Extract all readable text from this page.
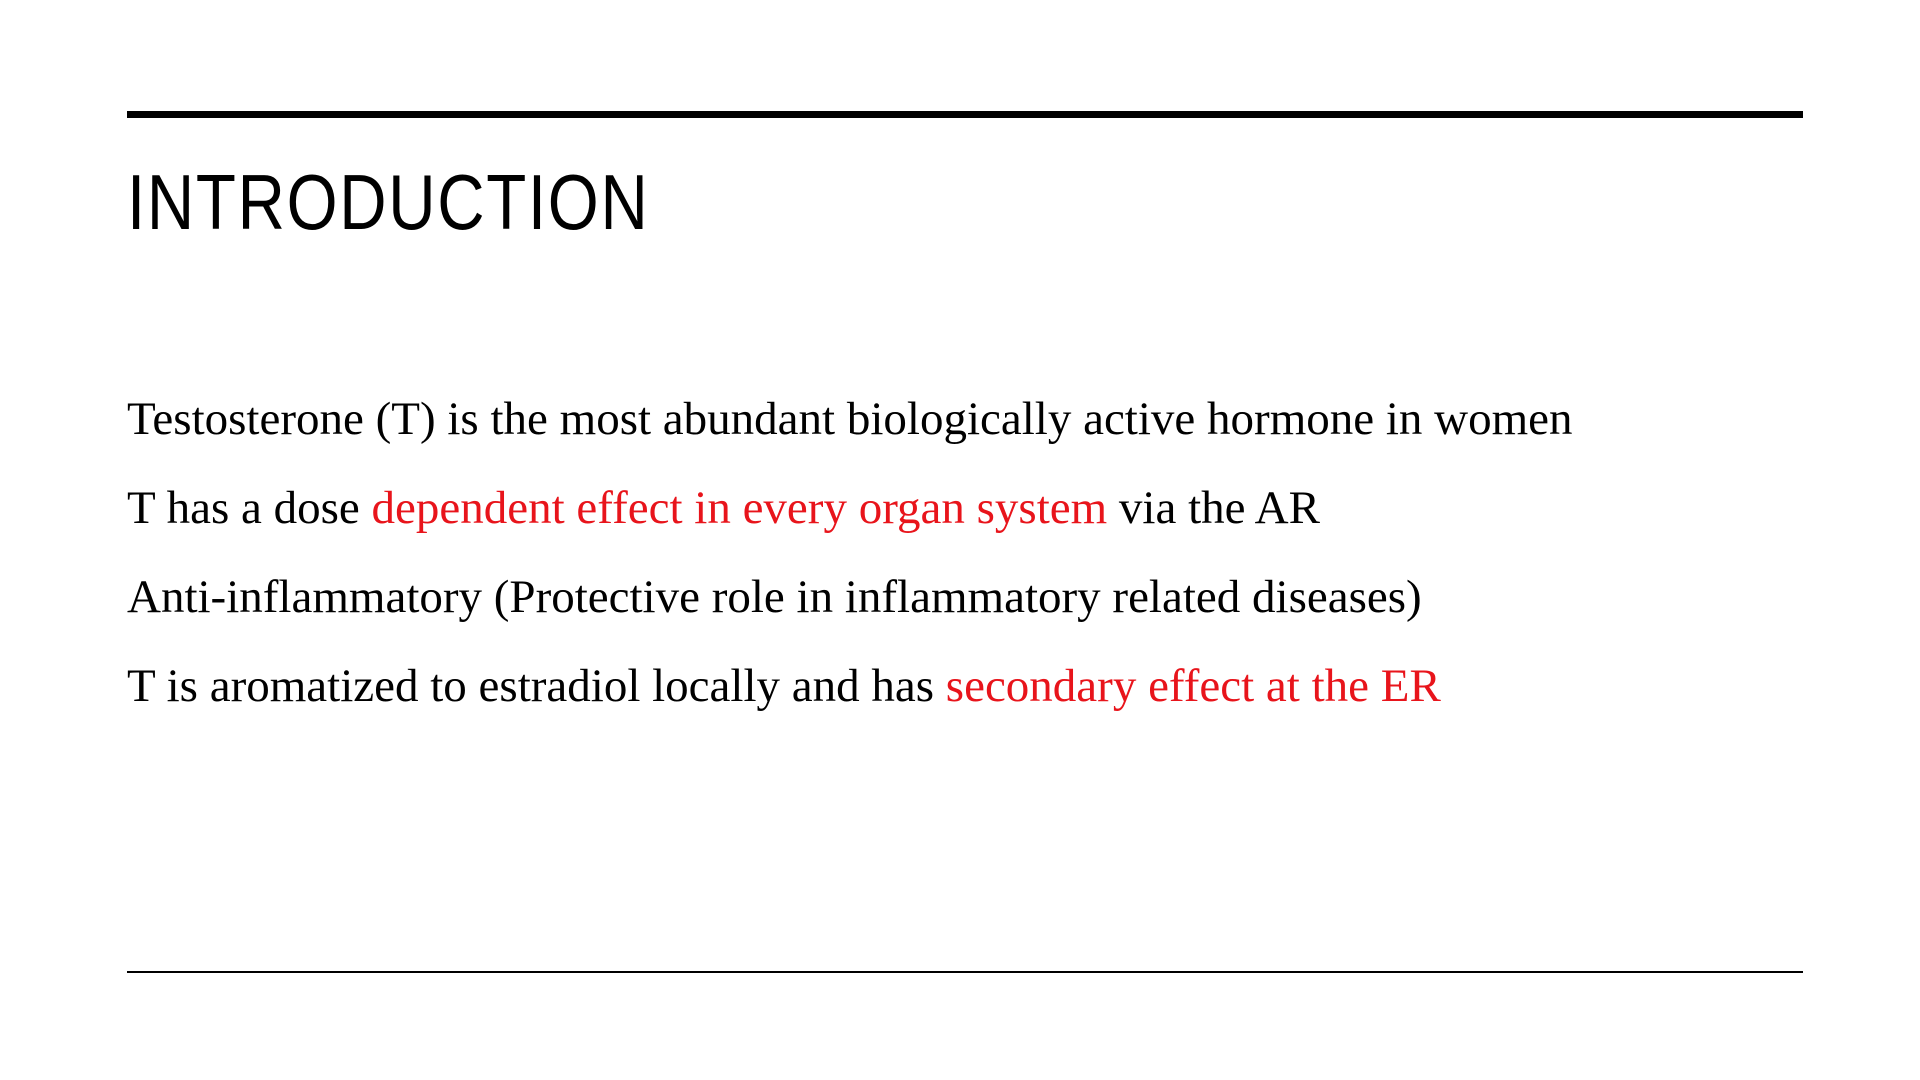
INTRODUCTION
Testosterone (T) is the most abundant biologically active hormone in women
T has a dose dependent effect in every organ system via the AR
Anti-inflammatory (Protective role in inflammatory related diseases)
T is aromatized to estradiol locally and has secondary effect at the ER
